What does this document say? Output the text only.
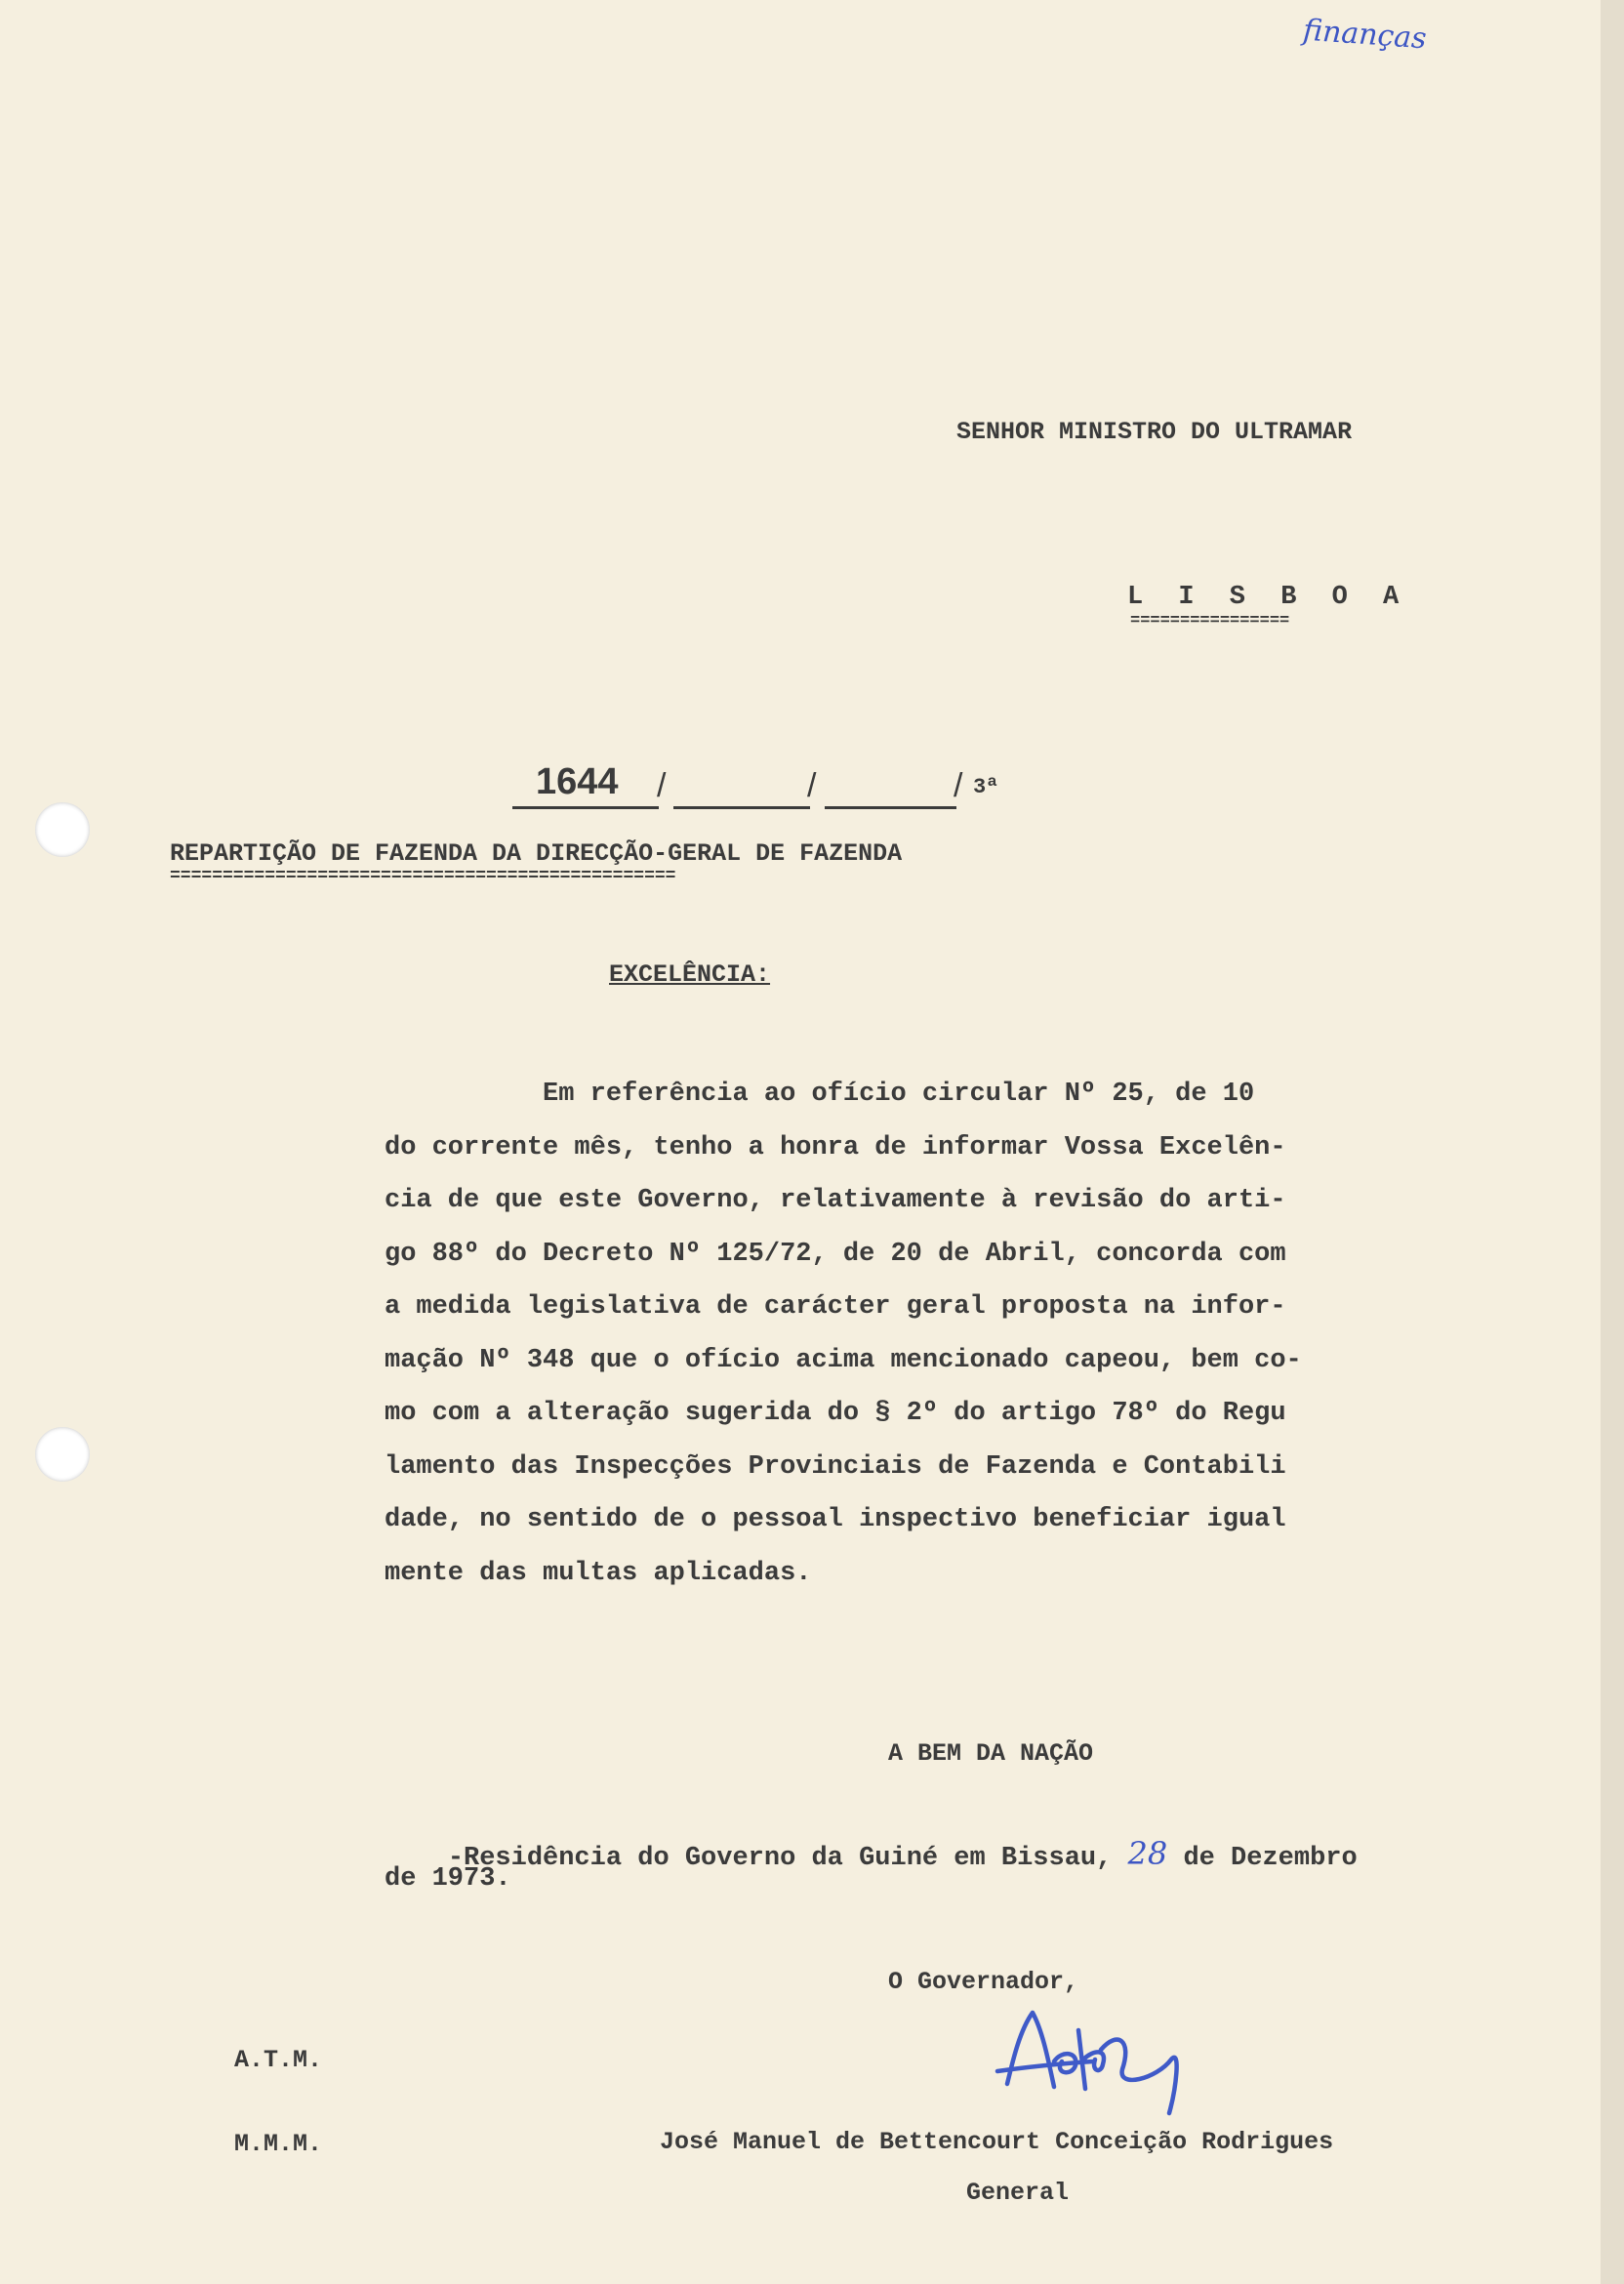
finanças
SENHOR MINISTRO DO ULTRAMAR
L I S B O A
================
1644 /	/	/ 3ª
REPARTIÇÃO DE FAZENDA DA DIRECÇÃO-GERAL DE FAZENDA
================================================
EXCELÊNCIA:
Em referência ao ofício circular Nº 25, de 10
do corrente mês, tenho a honra de informar Vossa Excelên-
cia de que este Governo, relativamente à revisão do arti-
go 88º do Decreto Nº 125/72, de 20 de Abril, concorda com
a medida legislativa de carácter geral proposta na infor-
mação Nº 348 que o ofício acima mencionado capeou, bem co-
mo com a alteração sugerida do § 2º do artigo 78º do Regu
lamento das Inspecções Provinciais de Fazenda e Contabili
dade, no sentido de o pessoal inspectivo beneficiar igual
mente das multas aplicadas.
A BEM DA NAÇÃO

-Residência do Governo da Guiné em Bissau, 28 de Dezembro

de 1973.
O Governador,
A.T.M.
M.M.M.	José Manuel de Bettencourt Conceição Rodrigues
General
